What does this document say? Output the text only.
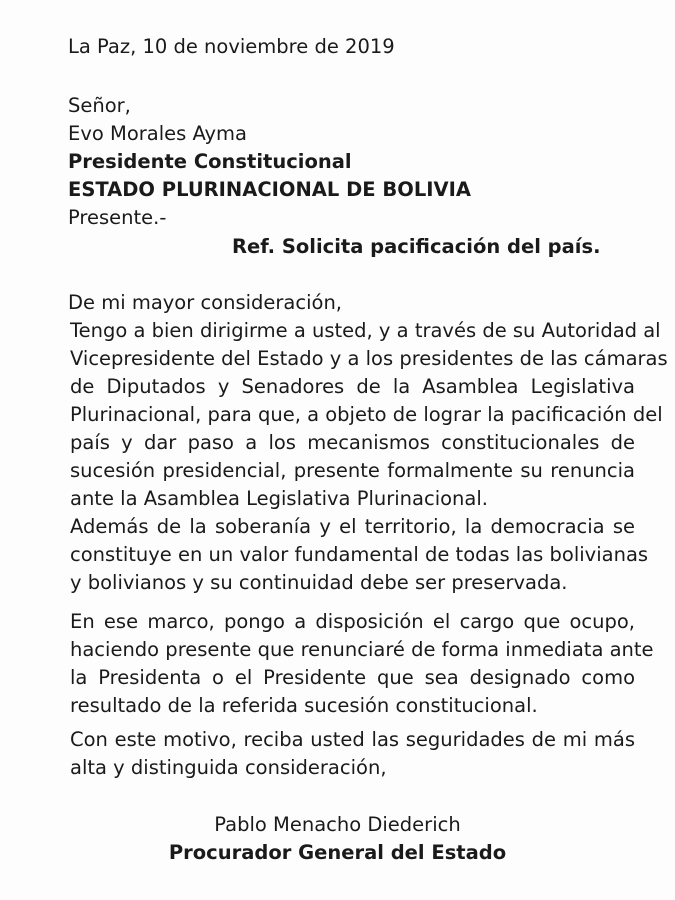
La Paz, 10 de noviembre de 2019
Señor,
Evo Morales Ayma
Presidente Constitucional
ESTADO PLURINACIONAL DE BOLIVIA
Presente.-
Ref. Solicita pacificación del país.
De mi mayor consideración,
Tengo a bien dirigirme a usted, y a través de su Autoridad al
Vicepresidente del Estado y a los presidentes de las cámaras
de Diputados y Senadores de la Asamblea Legislativa
Plurinacional, para que, a objeto de lograr la pacificación del
país y dar paso a los mecanismos constitucionales de
sucesión presidencial, presente formalmente su renuncia
ante la Asamblea Legislativa Plurinacional.
Además de la soberanía y el territorio, la democracia se
constituye en un valor fundamental de todas las bolivianas
y bolivianos y su continuidad debe ser preservada.
En ese marco, pongo a disposición el cargo que ocupo,
haciendo presente que renunciaré de forma inmediata ante
la Presidenta o el Presidente que sea designado como
resultado de la referida sucesión constitucional.
Con este motivo, reciba usted las seguridades de mi más
alta y distinguida consideración,
Pablo Menacho Diederich
Procurador General del Estado
